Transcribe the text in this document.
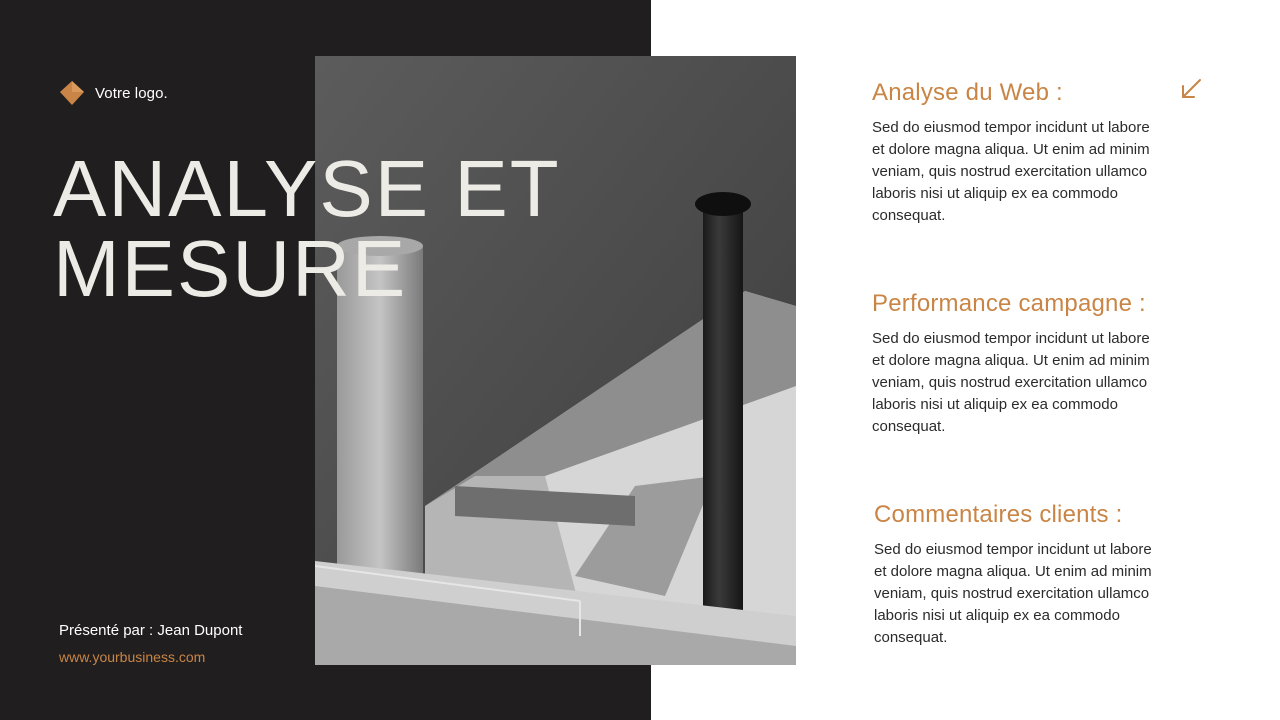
Votre logo.
ANALYSE ET
MESURE
Présenté par : Jean Dupont
www.yourbusiness.com
Analyse du Web :

Sed do eiusmod tempor incidunt ut labore et dolore magna aliqua. Ut enim ad minim veniam, quis nostrud exercitation ullamco laboris nisi ut aliquip ex ea commodo consequat.

Performance campagne :

Sed do eiusmod tempor incidunt ut labore et dolore magna aliqua. Ut enim ad minim veniam, quis nostrud exercitation ullamco laboris nisi ut aliquip ex ea commodo consequat.

Commentaires clients :

Sed do eiusmod tempor incidunt ut labore et dolore magna aliqua. Ut enim ad minim veniam, quis nostrud exercitation ullamco laboris nisi ut aliquip ex ea commodo consequat.
